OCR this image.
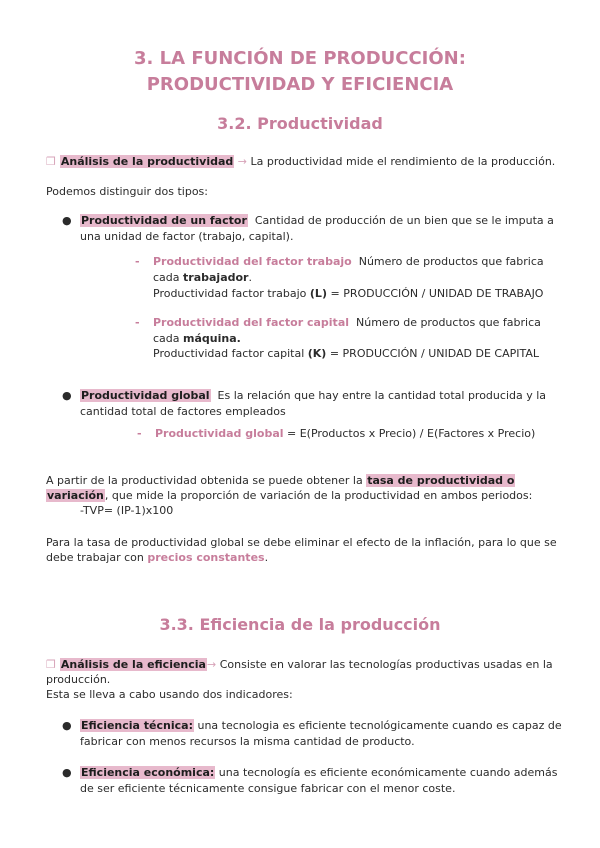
3. LA FUNCIÓN DE PRODUCCIÓN:
PRODUCTIVIDAD Y EFICIENCIA
3.2. Productividad
❒ Análisis de la productividad → La productividad mide el rendimiento de la producción.
Podemos distinguir dos tipos:
● Productividad de un factor Cantidad de producción de un bien que se le imputa a
una unidad de factor (trabajo, capital).
- Productividad del factor trabajo Número de productos que fabrica
cada trabajador.
Productividad factor trabajo (L) = PRODUCCIÓN / UNIDAD DE TRABAJO
- Productividad del factor capital Número de productos que fabrica
cada máquina.
Productividad factor capital (K) = PRODUCCIÓN / UNIDAD DE CAPITAL
● Productividad global Es la relación que hay entre la cantidad total producida y la
cantidad total de factores empleados
- Productividad global = E(Productos x Precio) / E(Factores x Precio)
A partir de la productividad obtenida se puede obtener la tasa de productividad o
variación, que mide la proporción de variación de la productividad en ambos periodos:
-TVP= (IP-1)x100
Para la tasa de productividad global se debe eliminar el efecto de la inflación, para lo que se
debe trabajar con precios constantes.
3.3. Eficiencia de la producción
❒ Análisis de la eficiencia→ Consiste en valorar las tecnologías productivas usadas en la
producción.
Esta se lleva a cabo usando dos indicadores:
● Eficiencia técnica: una tecnologia es eficiente tecnológicamente cuando es capaz de
fabricar con menos recursos la misma cantidad de producto.
● Eficiencia económica: una tecnología es eficiente económicamente cuando además
de ser eficiente técnicamente consigue fabricar con el menor coste.
